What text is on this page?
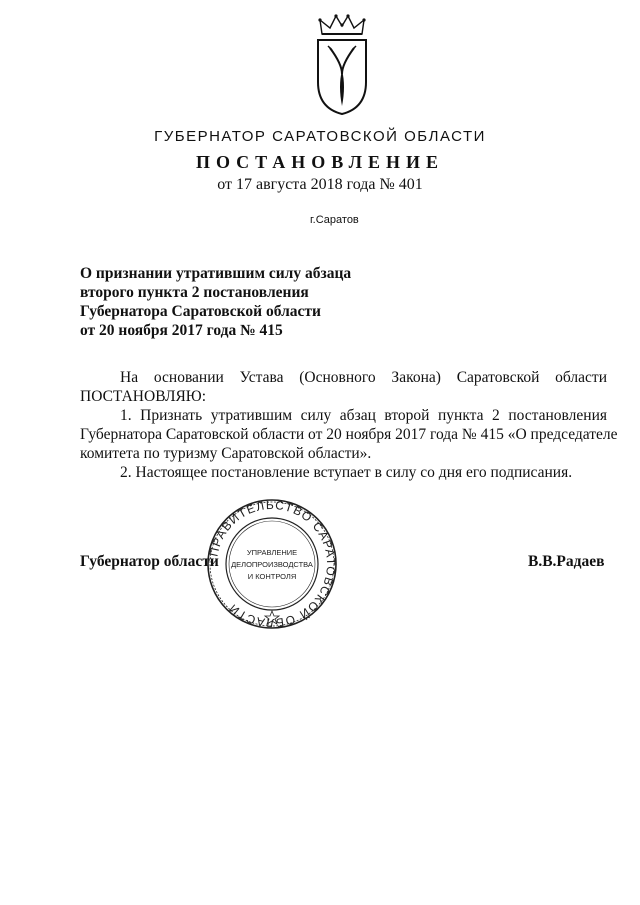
ГУБЕРНАТОР САРАТОВСКОЙ ОБЛАСТИ
ПОСТАНОВЛЕНИЕ
от 17 августа 2018 года № 401
г.Саратов
О признании утратившим силу абзаца
второго пункта 2 постановления
Губернатора Саратовской области
от 20 ноября 2017 года № 415
На основании Устава (Основного Закона) Саратовской области
ПОСТАНОВЛЯЮ:
1. Признать утратившим силу абзац второй пункта 2 постановления
Губернатора Саратовской области от 20 ноября 2017 года № 415 «О председателе
комитета по туризму Саратовской области».
2. Настоящее постановление вступает в силу со дня его подписания.
Губернатор области	В.В.Радаев
ПРАВИТЕЛЬСТВО САРАТОВСКОЙ ОБЛАСТИ
УПРАВЛЕНИЕ
ДЕЛОПРОИЗВОДСТВА
И КОНТРОЛЯ
